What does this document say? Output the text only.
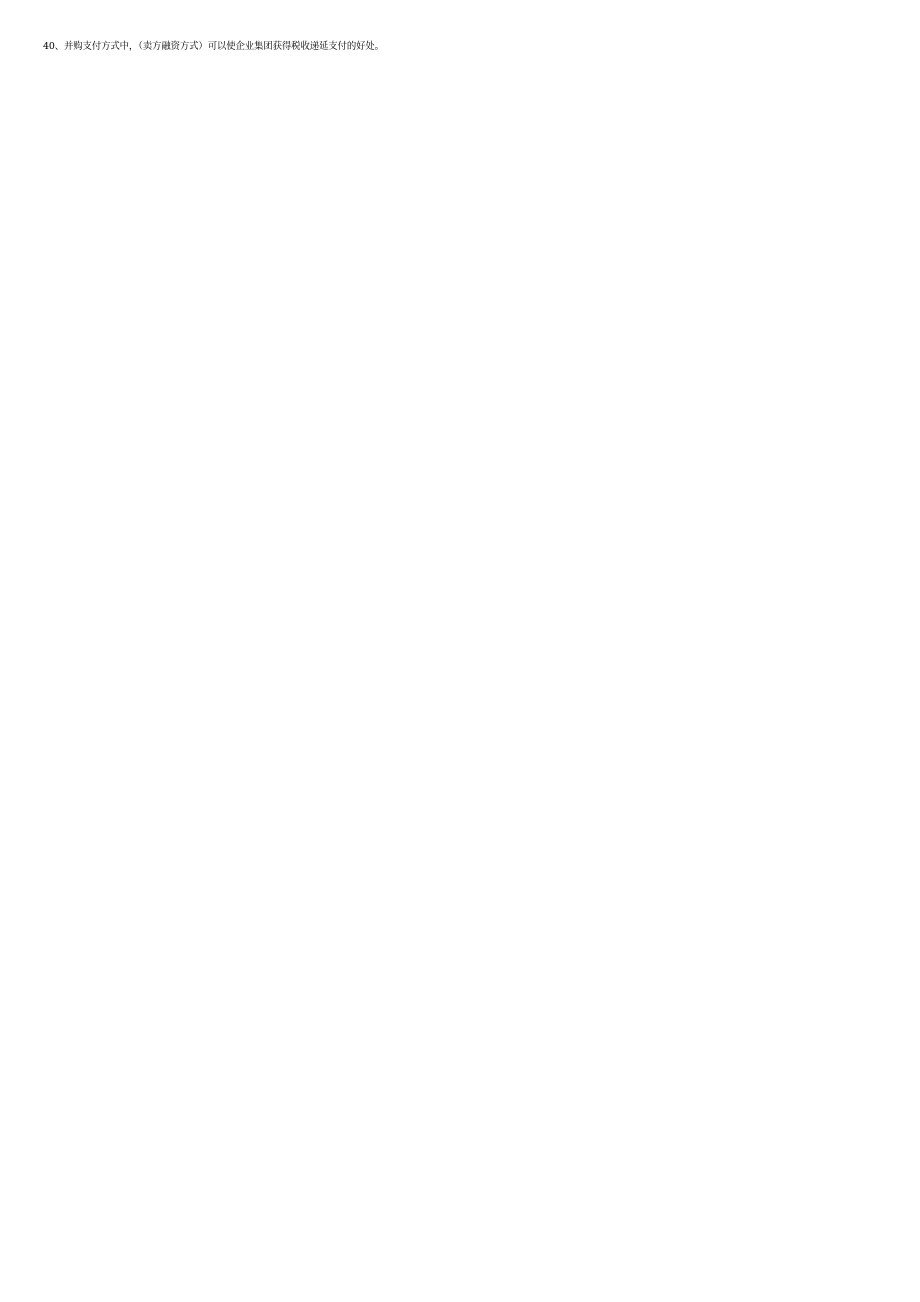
40、并购支付方式中，（卖方融资方式）可以使企业集团获得税收递延支付的好处。
